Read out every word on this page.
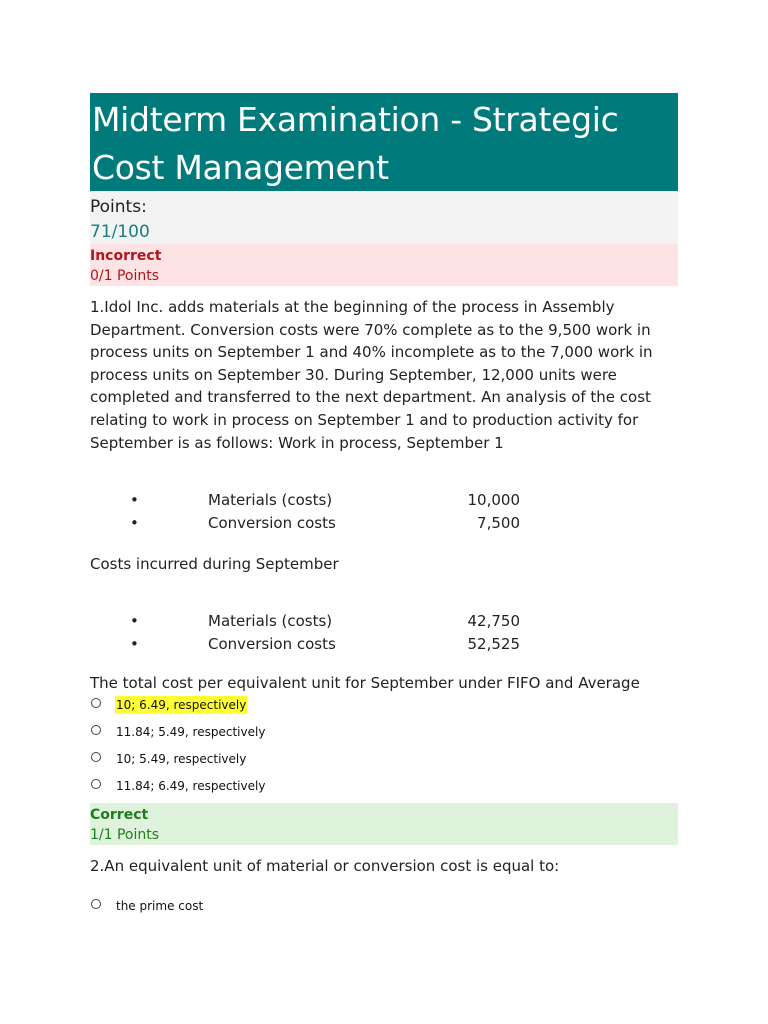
Midterm Examination - Strategic
Cost Management
Points:
71/100
Incorrect
0/1 Points

1.Idol Inc. adds materials at the beginning of the process in Assembly Department. Conversion costs were 70% complete as to the 9,500 work in process units on September 1 and 40% incomplete as to the 7,000 work in process units on September 30. During September, 12,000 units were completed and transferred to the next department. An analysis of the cost relating to work in process on September 1 and to production activity for September is as follows: Work in process, September 1

•	Materials (costs)	10,000
•	Conversion costs	7,500

Costs incurred during September

•	Materials (costs)	42,750
•	Conversion costs	52,525

The total cost per equivalent unit for September under FIFO and Average

10; 6.49, respectively
11.84; 5.49, respectively
10; 5.49, respectively
11.84; 6.49, respectively
Correct
1/1 Points

2.An equivalent unit of material or conversion cost is equal to:

the prime cost
